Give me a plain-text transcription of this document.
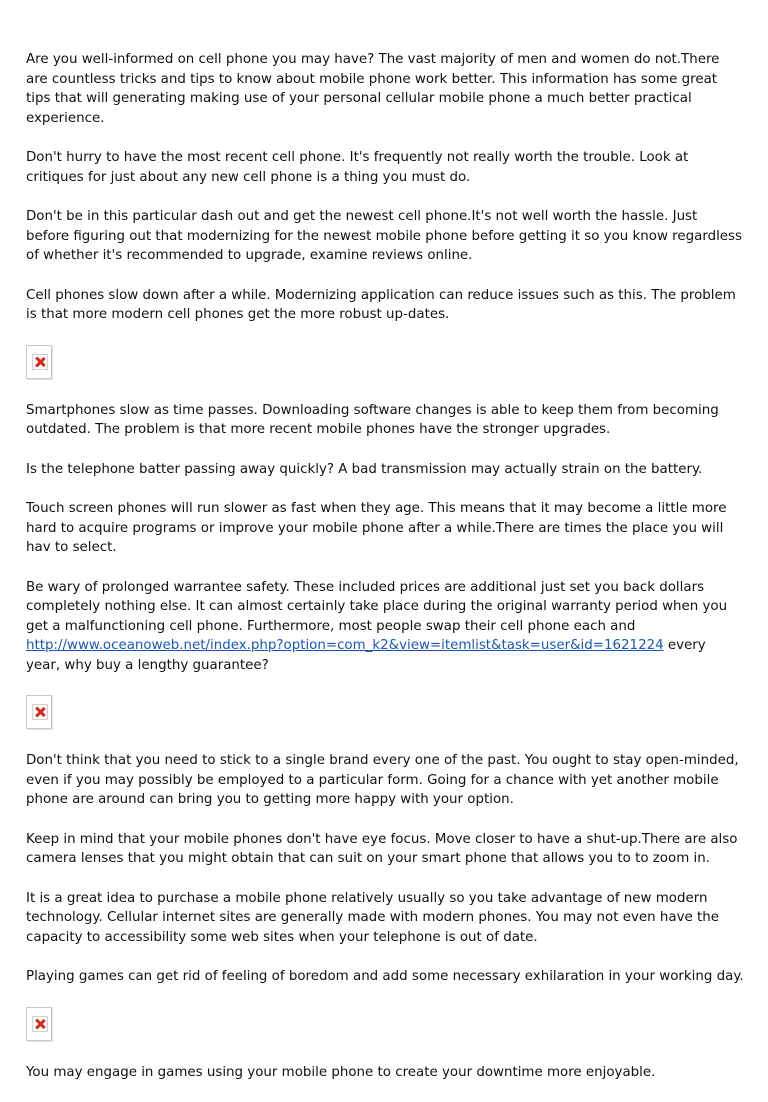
Are you well-informed on cell phone you may have? The vast majority of men and women do not.There are countless tricks and tips to know about mobile phone work better. This information has some great tips that will generating making use of your personal cellular mobile phone a much better practical experience.

Don't hurry to have the most recent cell phone. It's frequently not really worth the trouble. Look at critiques for just about any new cell phone is a thing you must do.

Don't be in this particular dash out and get the newest cell phone.It's not well worth the hassle. Just before figuring out that modernizing for the newest mobile phone before getting it so you know regardless of whether it's recommended to upgrade, examine reviews online.

Cell phones slow down after a while. Modernizing application can reduce issues such as this. The problem is that more modern cell phones get the more robust up-dates.

Smartphones slow as time passes. Downloading software changes is able to keep them from becoming outdated. The problem is that more recent mobile phones have the stronger upgrades.

Is the telephone batter passing away quickly? A bad transmission may actually strain on the battery.

Touch screen phones will run slower as fast when they age. This means that it may become a little more hard to acquire programs or improve your mobile phone after a while.There are times the place you will hav to select.

Be wary of prolonged warrantee safety. These included prices are additional just set you back dollars completely nothing else. It can almost certainly take place during the original warranty period when you get a malfunctioning cell phone. Furthermore, most people swap their cell phone each and http://www.oceanoweb.net/index.php?option=com_k2&view=itemlist&task=user&id=1621224 every year, why buy a lengthy guarantee?

Don't think that you need to stick to a single brand every one of the past. You ought to stay open-minded, even if you may possibly be employed to a particular form. Going for a chance with yet another mobile phone are around can bring you to getting more happy with your option.

Keep in mind that your mobile phones don't have eye focus. Move closer to have a shut-up.There are also camera lenses that you might obtain that can suit on your smart phone that allows you to to zoom in.

It is a great idea to purchase a mobile phone relatively usually so you take advantage of new modern technology. Cellular internet sites are generally made with modern phones. You may not even have the capacity to accessibility some web sites when your telephone is out of date.

Playing games can get rid of feeling of boredom and add some necessary exhilaration in your working day.

You may engage in games using your mobile phone to create your downtime more enjoyable.
